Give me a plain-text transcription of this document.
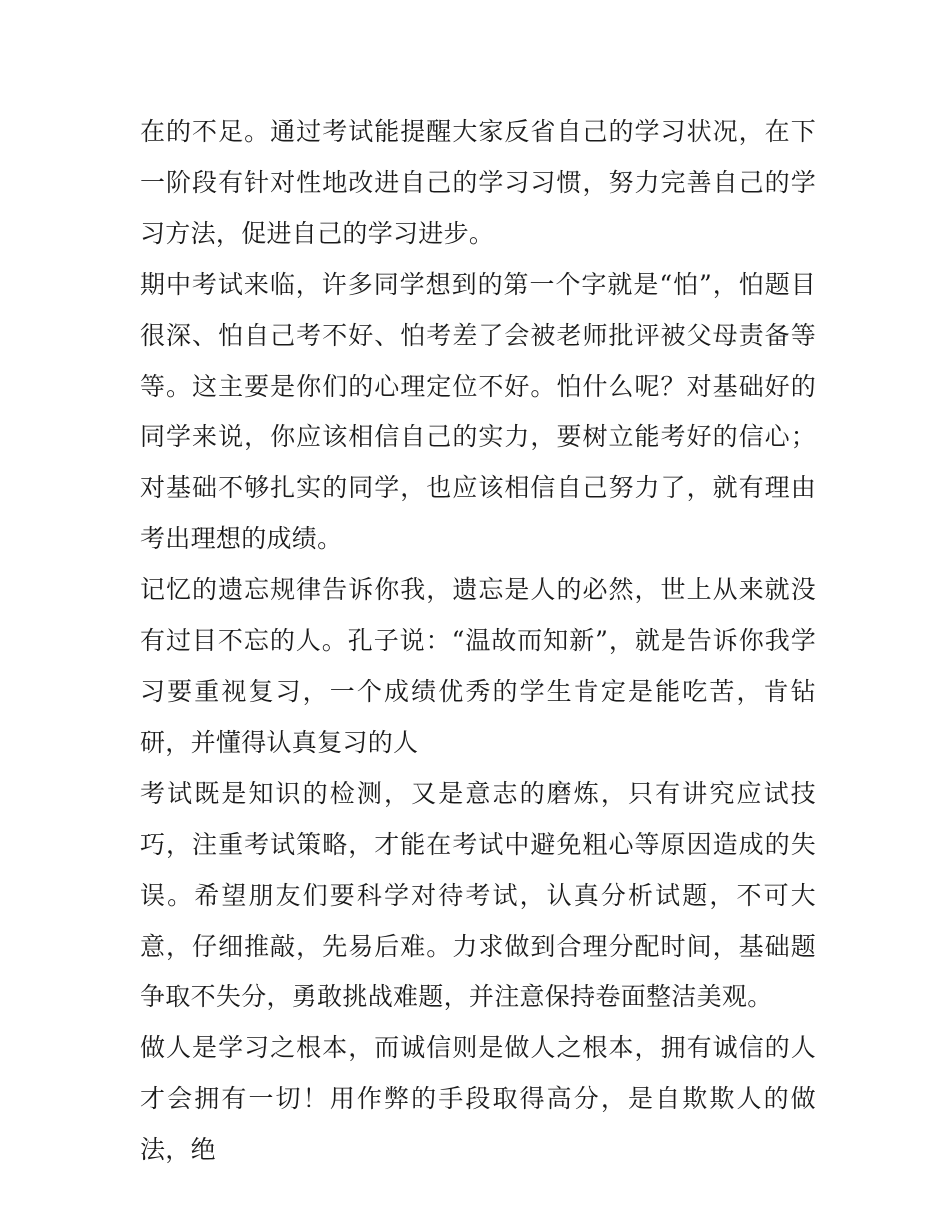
在的不足。通过考试能提醒大家反省自己的学习状况，在下一阶段有针对性地改进自己的学习习惯，努力完善自己的学习方法，促进自己的学习进步。

期中考试来临，许多同学想到的第一个字就是“怕”，怕题目很深、怕自己考不好、怕考差了会被老师批评被父母责备等等。这主要是你们的心理定位不好。怕什么呢？对基础好的同学来说，你应该相信自己的实力，要树立能考好的信心；对基础不够扎实的同学，也应该相信自己努力了，就有理由考出理想的成绩。

记忆的遗忘规律告诉你我，遗忘是人的必然，世上从来就没有过目不忘的人。孔子说：“温故而知新”，就是告诉你我学习要重视复习，一个成绩优秀的学生肯定是能吃苦，肯钻研，并懂得认真复习的人

考试既是知识的检测，又是意志的磨炼，只有讲究应试技巧，注重考试策略，才能在考试中避免粗心等原因造成的失误。希望朋友们要科学对待考试，认真分析试题，不可大意，仔细推敲，先易后难。力求做到合理分配时间，基础题争取不失分，勇敢挑战难题，并注意保持卷面整洁美观。

做人是学习之根本，而诚信则是做人之根本，拥有诚信的人才会拥有一切！用作弊的手段取得高分，是自欺欺人的做法，绝
